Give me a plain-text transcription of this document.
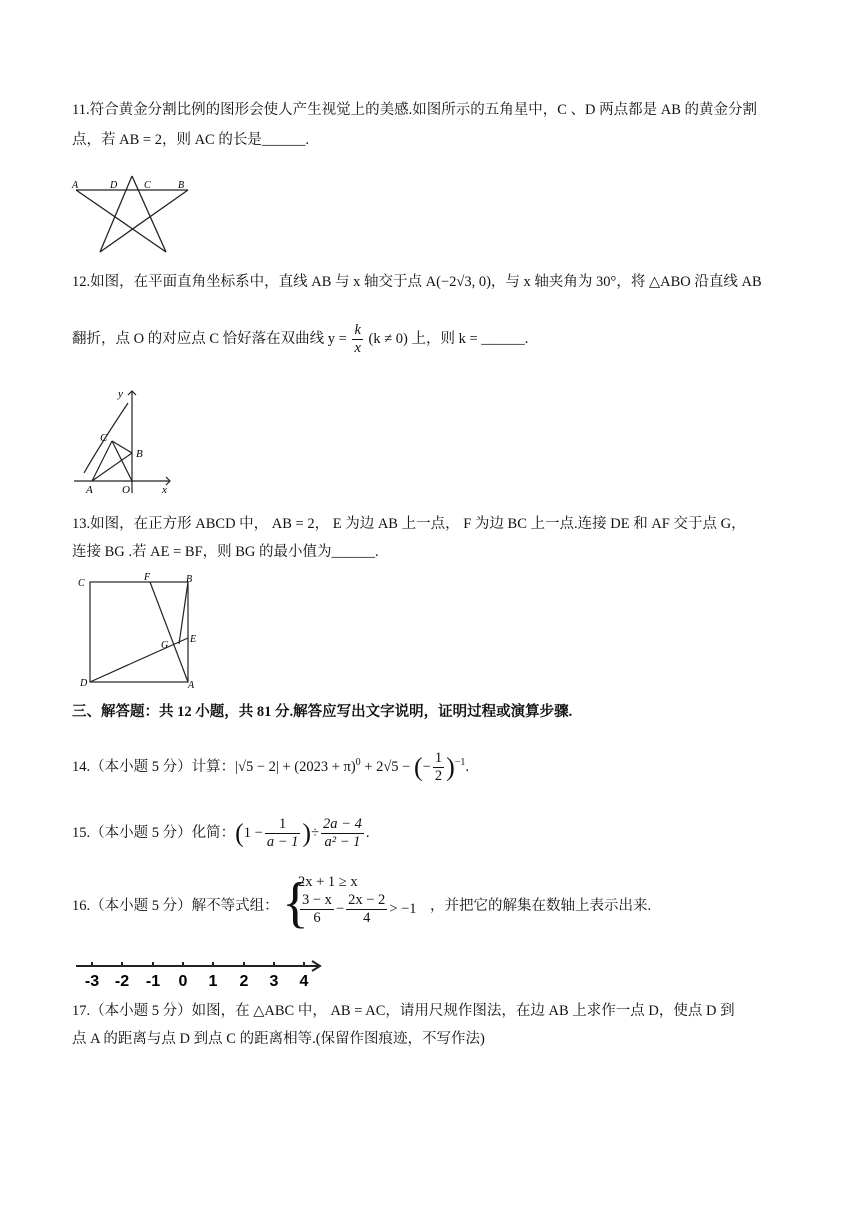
11.符合黄金分割比例的图形会使人产生视觉上的美感.如图所示的五角星中，C 、D 两点都是 AB 的黄金分割
点，若 AB = 2，则 AC 的长是______.
A	D	C	B
12.如图，在平面直角坐标系中，直线 AB 与 x 轴交于点 A(−2√3, 0)，与 x 轴夹角为 30°，将 △ABO 沿直线 AB
翻折，点 O 的对应点 C 恰好落在双曲线 $y = \frac{k}{x} (k \ne 0)$ 上，则 k = ______.
y
C
B
A	O	x
13.如图，在正方形 ABCD 中， AB = 2， E 为边 AB 上一点， F 为边 BC 上一点.连接 DE 和 AF 交于点 G，
连接 BG .若 AE = BF，则 BG 的最小值为______.
C
F	B
G
E
D	A
三、解答题：共 12 小题，共 81 分.解答应写出文字说明，证明过程或演算步骤.
14.（本小题 5 分）计算：$|√5 - 2| + (2023 + \pi)^0 + 2√5$ − (− $\frac{1}{2} )^{-1}$.
15.（本小题 5 分）化简：($1 - \frac{1}{a - 1}$ )÷ $\frac{2a - 4}{\text{a² − 1}}$ .
16.（本小题 5 分）解不等式组： {
2x + 1 ≥ x
$\frac{3 - x}{6} - \frac{2x - 2}{4} > -1$ ，并把它的解集在数轴上表示出来.
-3 -2 -1 0 1 2 3 4
17.（本小题 5 分）如图，在 △ABC 中， AB = AC，请用尺规作图法，在边 AB 上求作一点 D，使点 D 到
点 A 的距离与点 D 到点 C 的距离相等.(保留作图痕迹，不写作法)
